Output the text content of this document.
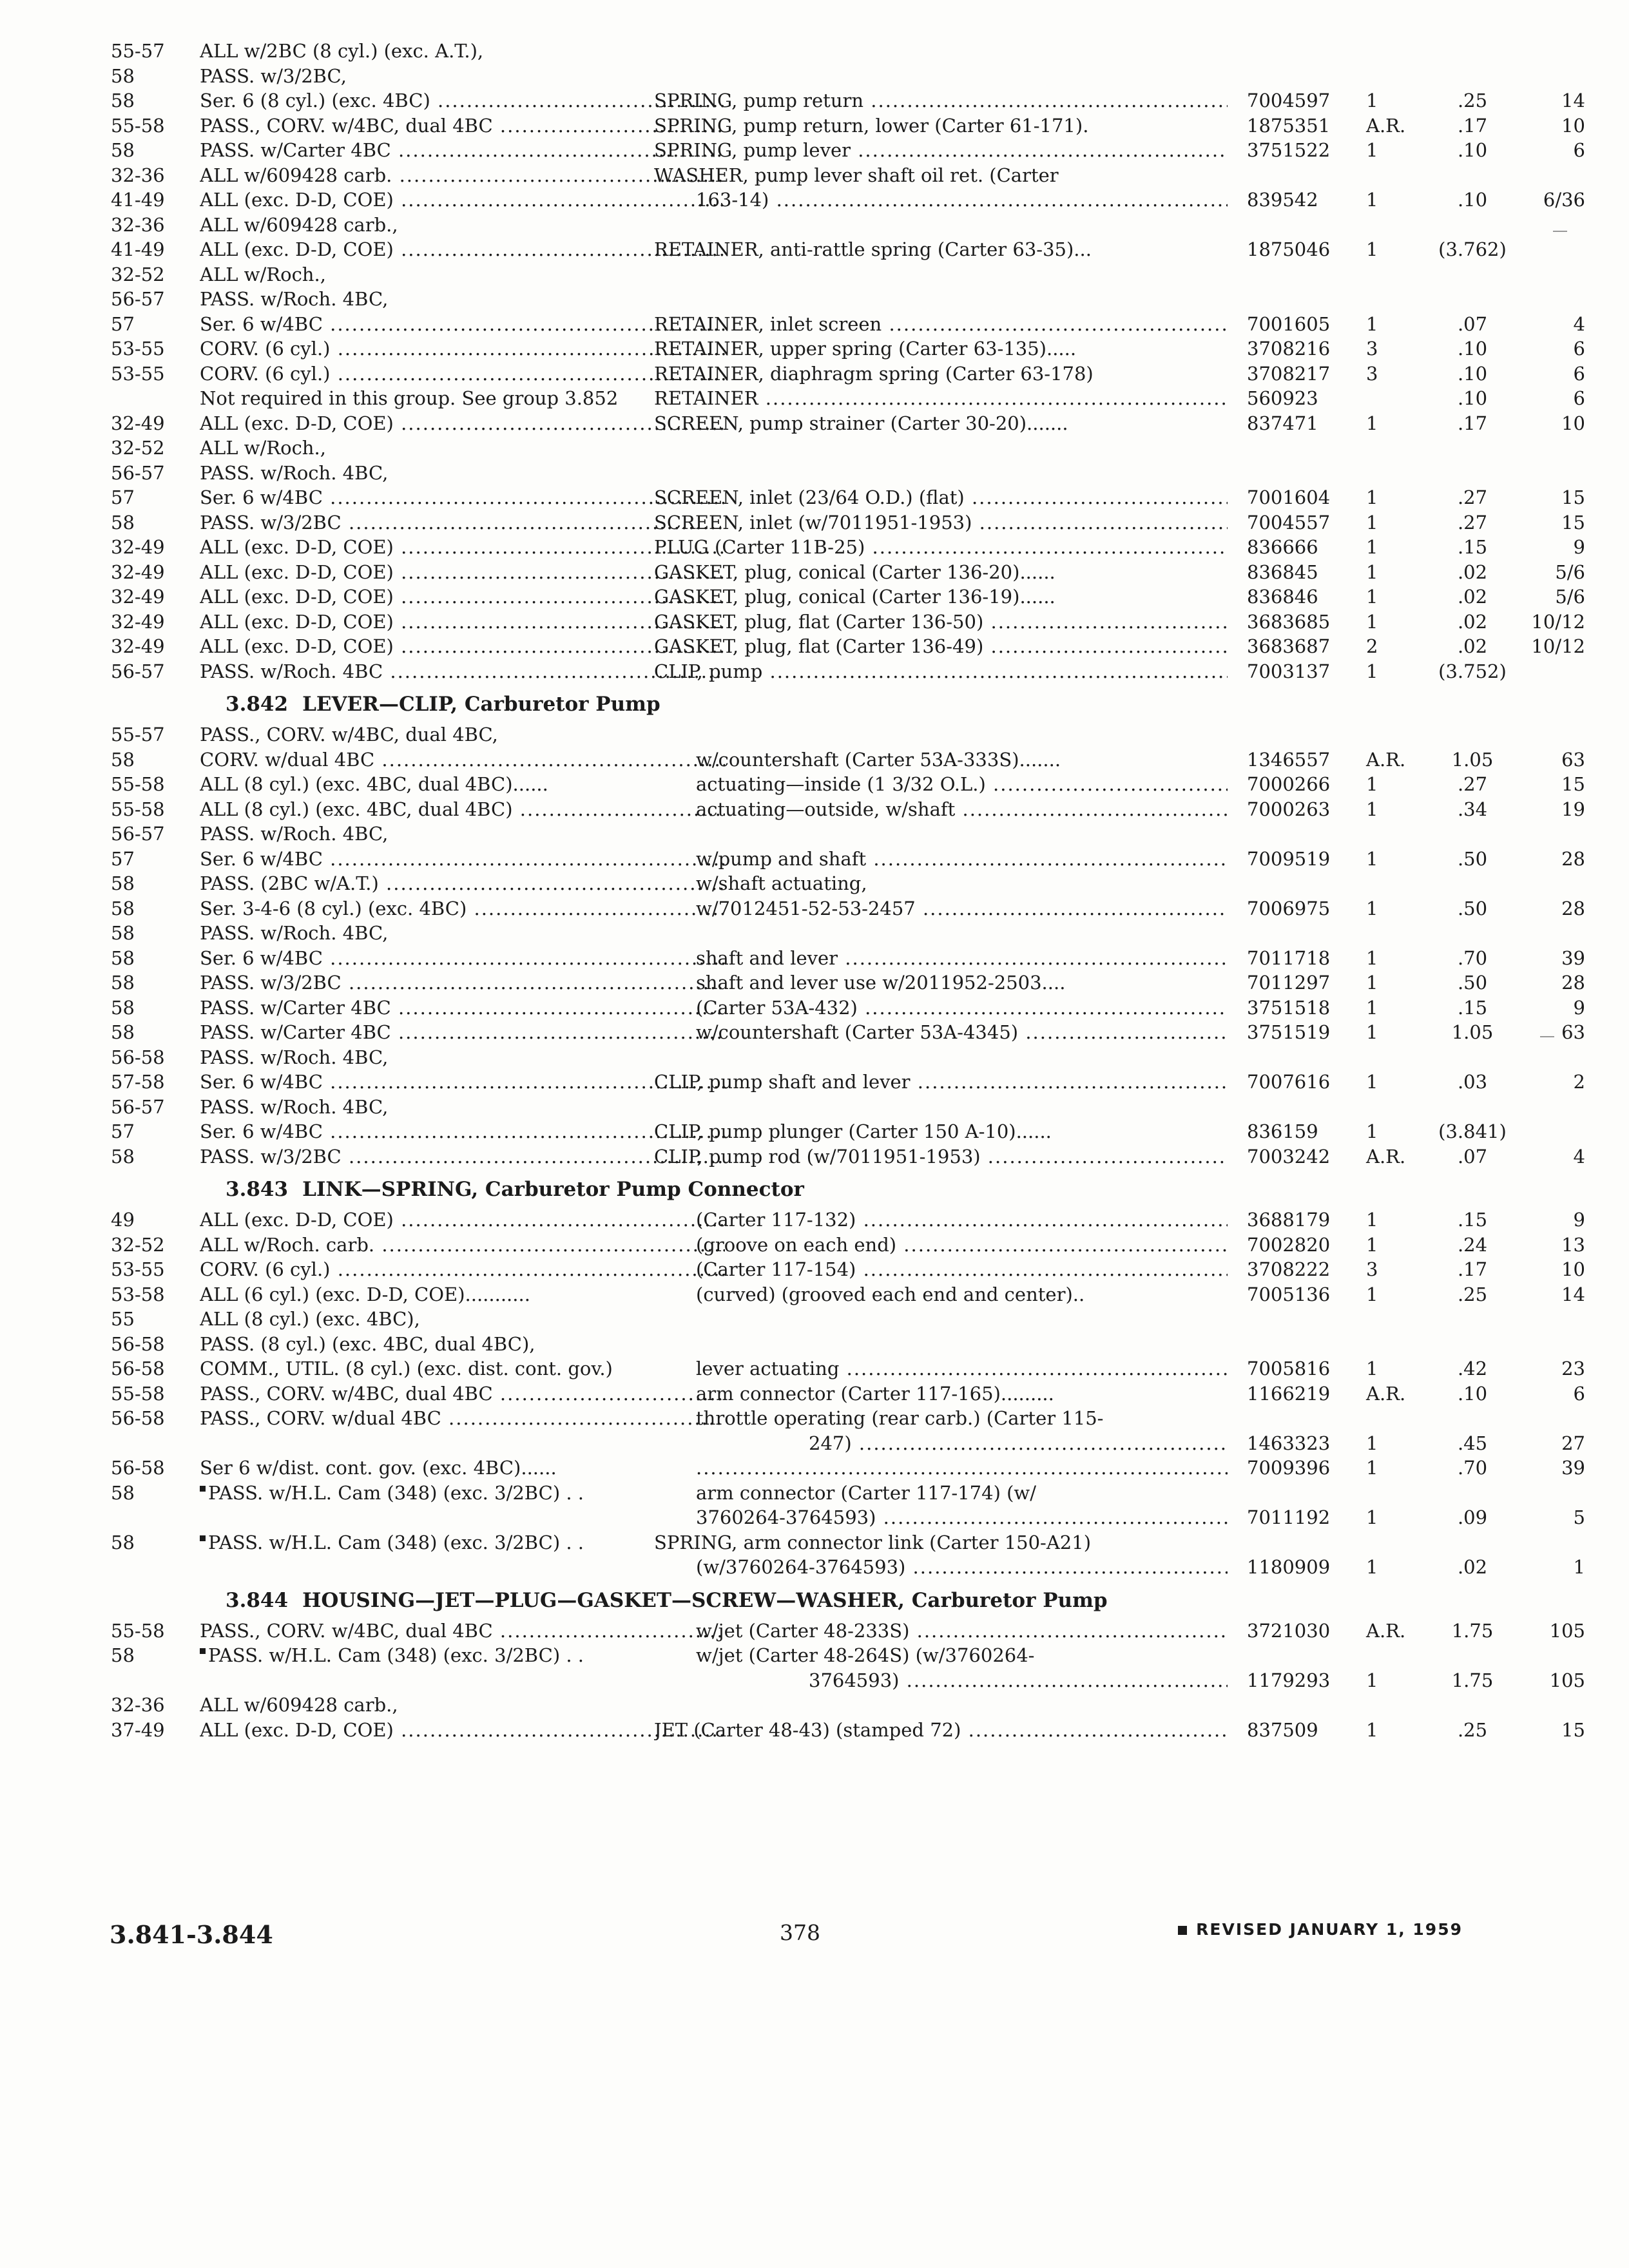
55-57	ALL w/2BC (8 cyl.) (exc. A.T.),
58	PASS. w/3/2BC,
58	Ser. 6 (8 cyl.) (exc. 4BC) .....	SPRING, pump return .....	7004597	1	.25	14
55-58	PASS., CORV. w/4BC, dual 4BC .....	SPRING, pump return, lower (Carter 61-171).	1875351	A.R.	.17	10
58	PASS. w/Carter 4BC .....	SPRING, pump lever .....	3751522	1	.10	6
32-36	ALL w/609428 carb. .....	WASHER, pump lever shaft oil ret. (Carter
41-49	ALL (exc. D-D, COE) .....	163-14) .....	839542	1	.10	6/36
32-36	ALL w/609428 carb.,
41-49	ALL (exc. D-D, COE) .....	RETAINER, anti-rattle spring (Carter 63-35)...	1875046	1	(3.762)
32-52	ALL w/Roch.,
56-57	PASS. w/Roch. 4BC,
57	Ser. 6 w/4BC .....	RETAINER, inlet screen .....	7001605	1	.07	4
53-55	CORV. (6 cyl.) .....	RETAINER, upper spring (Carter 63-135).....	3708216	3	.10	6
53-55	CORV. (6 cyl.) .....	RETAINER, diaphragm spring (Carter 63-178)	3708217	3	.10	6
Not required in this group. See group 3.852	RETAINER .....	560923	.10	6
32-49	ALL (exc. D-D, COE) .....	SCREEN, pump strainer (Carter 30-20).......	837471	1	.17	10
32-52	ALL w/Roch.,
56-57	PASS. w/Roch. 4BC,
57	Ser. 6 w/4BC .....	SCREEN, inlet (23/64 O.D.) (flat) .....	7001604	1	.27	15
58	PASS. w/3/2BC .....	SCREEN, inlet (w/7011951-1953) .....	7004557	1	.27	15
32-49	ALL (exc. D-D, COE) .....	PLUG (Carter 11B-25) .....	836666	1	.15	9
32-49	ALL (exc. D-D, COE) .....	GASKET, plug, conical (Carter 136-20)......	836845	1	.02	5/6
32-49	ALL (exc. D-D, COE) .....	GASKET, plug, conical (Carter 136-19)......	836846	1	.02	5/6
32-49	ALL (exc. D-D, COE) .....	GASKET, plug, flat (Carter 136-50) .....	3683685	1	.02	10/12
32-49	ALL (exc. D-D, COE) .....	GASKET, plug, flat (Carter 136-49) .....	3683687	2	.02	10/12
56-57	PASS. w/Roch. 4BC .....	CLIP, pump .....	7003137	1	(3.752)
3.842 LEVER—CLIP, Carburetor Pump
55-57	PASS., CORV. w/4BC, dual 4BC,
58	CORV. w/dual 4BC .....	w/countershaft (Carter 53A-333S).......	1346557	A.R.	1.05	63
55-58	ALL (8 cyl.) (exc. 4BC, dual 4BC)......	actuating—inside (1 3/32 O.L.) .....	7000266	1	.27	15
55-58	ALL (8 cyl.) (exc. 4BC, dual 4BC) .....	actuating—outside, w/shaft .....	7000263	1	.34	19
56-57	PASS. w/Roch. 4BC,
57	Ser. 6 w/4BC .....	w/pump and shaft .....	7009519	1	.50	28
58	PASS. (2BC w/A.T.) .....	w/shaft actuating,
58	Ser. 3-4-6 (8 cyl.) (exc. 4BC) .....	w/7012451-52-53-2457 .....	7006975	1	.50	28
58	PASS. w/Roch. 4BC,
58	Ser. 6 w/4BC .....	shaft and lever .....	7011718	1	.70	39
58	PASS. w/3/2BC .....	shaft and lever use w/2011952-2503....	7011297	1	.50	28
58	PASS. w/Carter 4BC .....	(Carter 53A-432) .....	3751518	1	.15	9
58	PASS. w/Carter 4BC .....	w/countershaft (Carter 53A-4345) .....	3751519	1	1.05	63
56-58	PASS. w/Roch. 4BC,
57-58	Ser. 6 w/4BC .....	CLIP, pump shaft and lever .....	7007616	1	.03	2
56-57	PASS. w/Roch. 4BC,
57	Ser. 6 w/4BC .....	CLIP, pump plunger (Carter 150 A-10)......	836159	1	(3.841)
58	PASS. w/3/2BC .....	CLIP, pump rod (w/7011951-1953) .....	7003242	A.R.	.07	4
3.843 LINK—SPRING, Carburetor Pump Connector
49	ALL (exc. D-D, COE) .....	(Carter 117-132) .....	3688179	1	.15	9
32-52	ALL w/Roch. carb. .....	(groove on each end) .....	7002820	1	.24	13
53-55	CORV. (6 cyl.) .....	(Carter 117-154) .....	3708222	3	.17	10
53-58	ALL (6 cyl.) (exc. D-D, COE)...........	(curved) (grooved each end and center)..	7005136	1	.25	14
55	ALL (8 cyl.) (exc. 4BC),
56-58	PASS. (8 cyl.) (exc. 4BC, dual 4BC),
56-58	COMM., UTIL. (8 cyl.) (exc. dist. cont. gov.)	lever actuating .....	7005816	1	.42	23
55-58	PASS., CORV. w/4BC, dual 4BC .....	arm connector (Carter 117-165).........	1166219	A.R.	.10	6
56-58	PASS., CORV. w/dual 4BC .....	throttle operating (rear carb.) (Carter 115-
247) .....	1463323	1	.45	27
56-58	Ser 6 w/dist. cont. gov. (exc. 4BC)...... .....	7009396	1	.70	39
58	PASS. w/H.L. Cam (348) (exc. 3/2BC) . .	arm connector (Carter 117-174) (w/
3760264-3764593) .....	7011192	1	.09	5
58	PASS. w/H.L. Cam (348) (exc. 3/2BC) . .	SPRING, arm connector link (Carter 150-A21)
(w/3760264-3764593) .....	1180909	1	.02	1
3.844 HOUSING—JET—PLUG—GASKET—SCREW—WASHER, Carburetor Pump
55-58	PASS., CORV. w/4BC, dual 4BC .....	w/jet (Carter 48-233S) .....	3721030	A.R.	1.75	105
58	PASS. w/H.L. Cam (348) (exc. 3/2BC) . .	w/jet (Carter 48-264S) (w/3760264-
3764593) .....	1179293	1	1.75	105
32-36	ALL w/609428 carb.,
37-49	ALL (exc. D-D, COE) .....	JET (Carter 48-43) (stamped 72) .....	837509	1	.25	15
3.841-3.844	378	REVISED JANUARY 1, 1959
